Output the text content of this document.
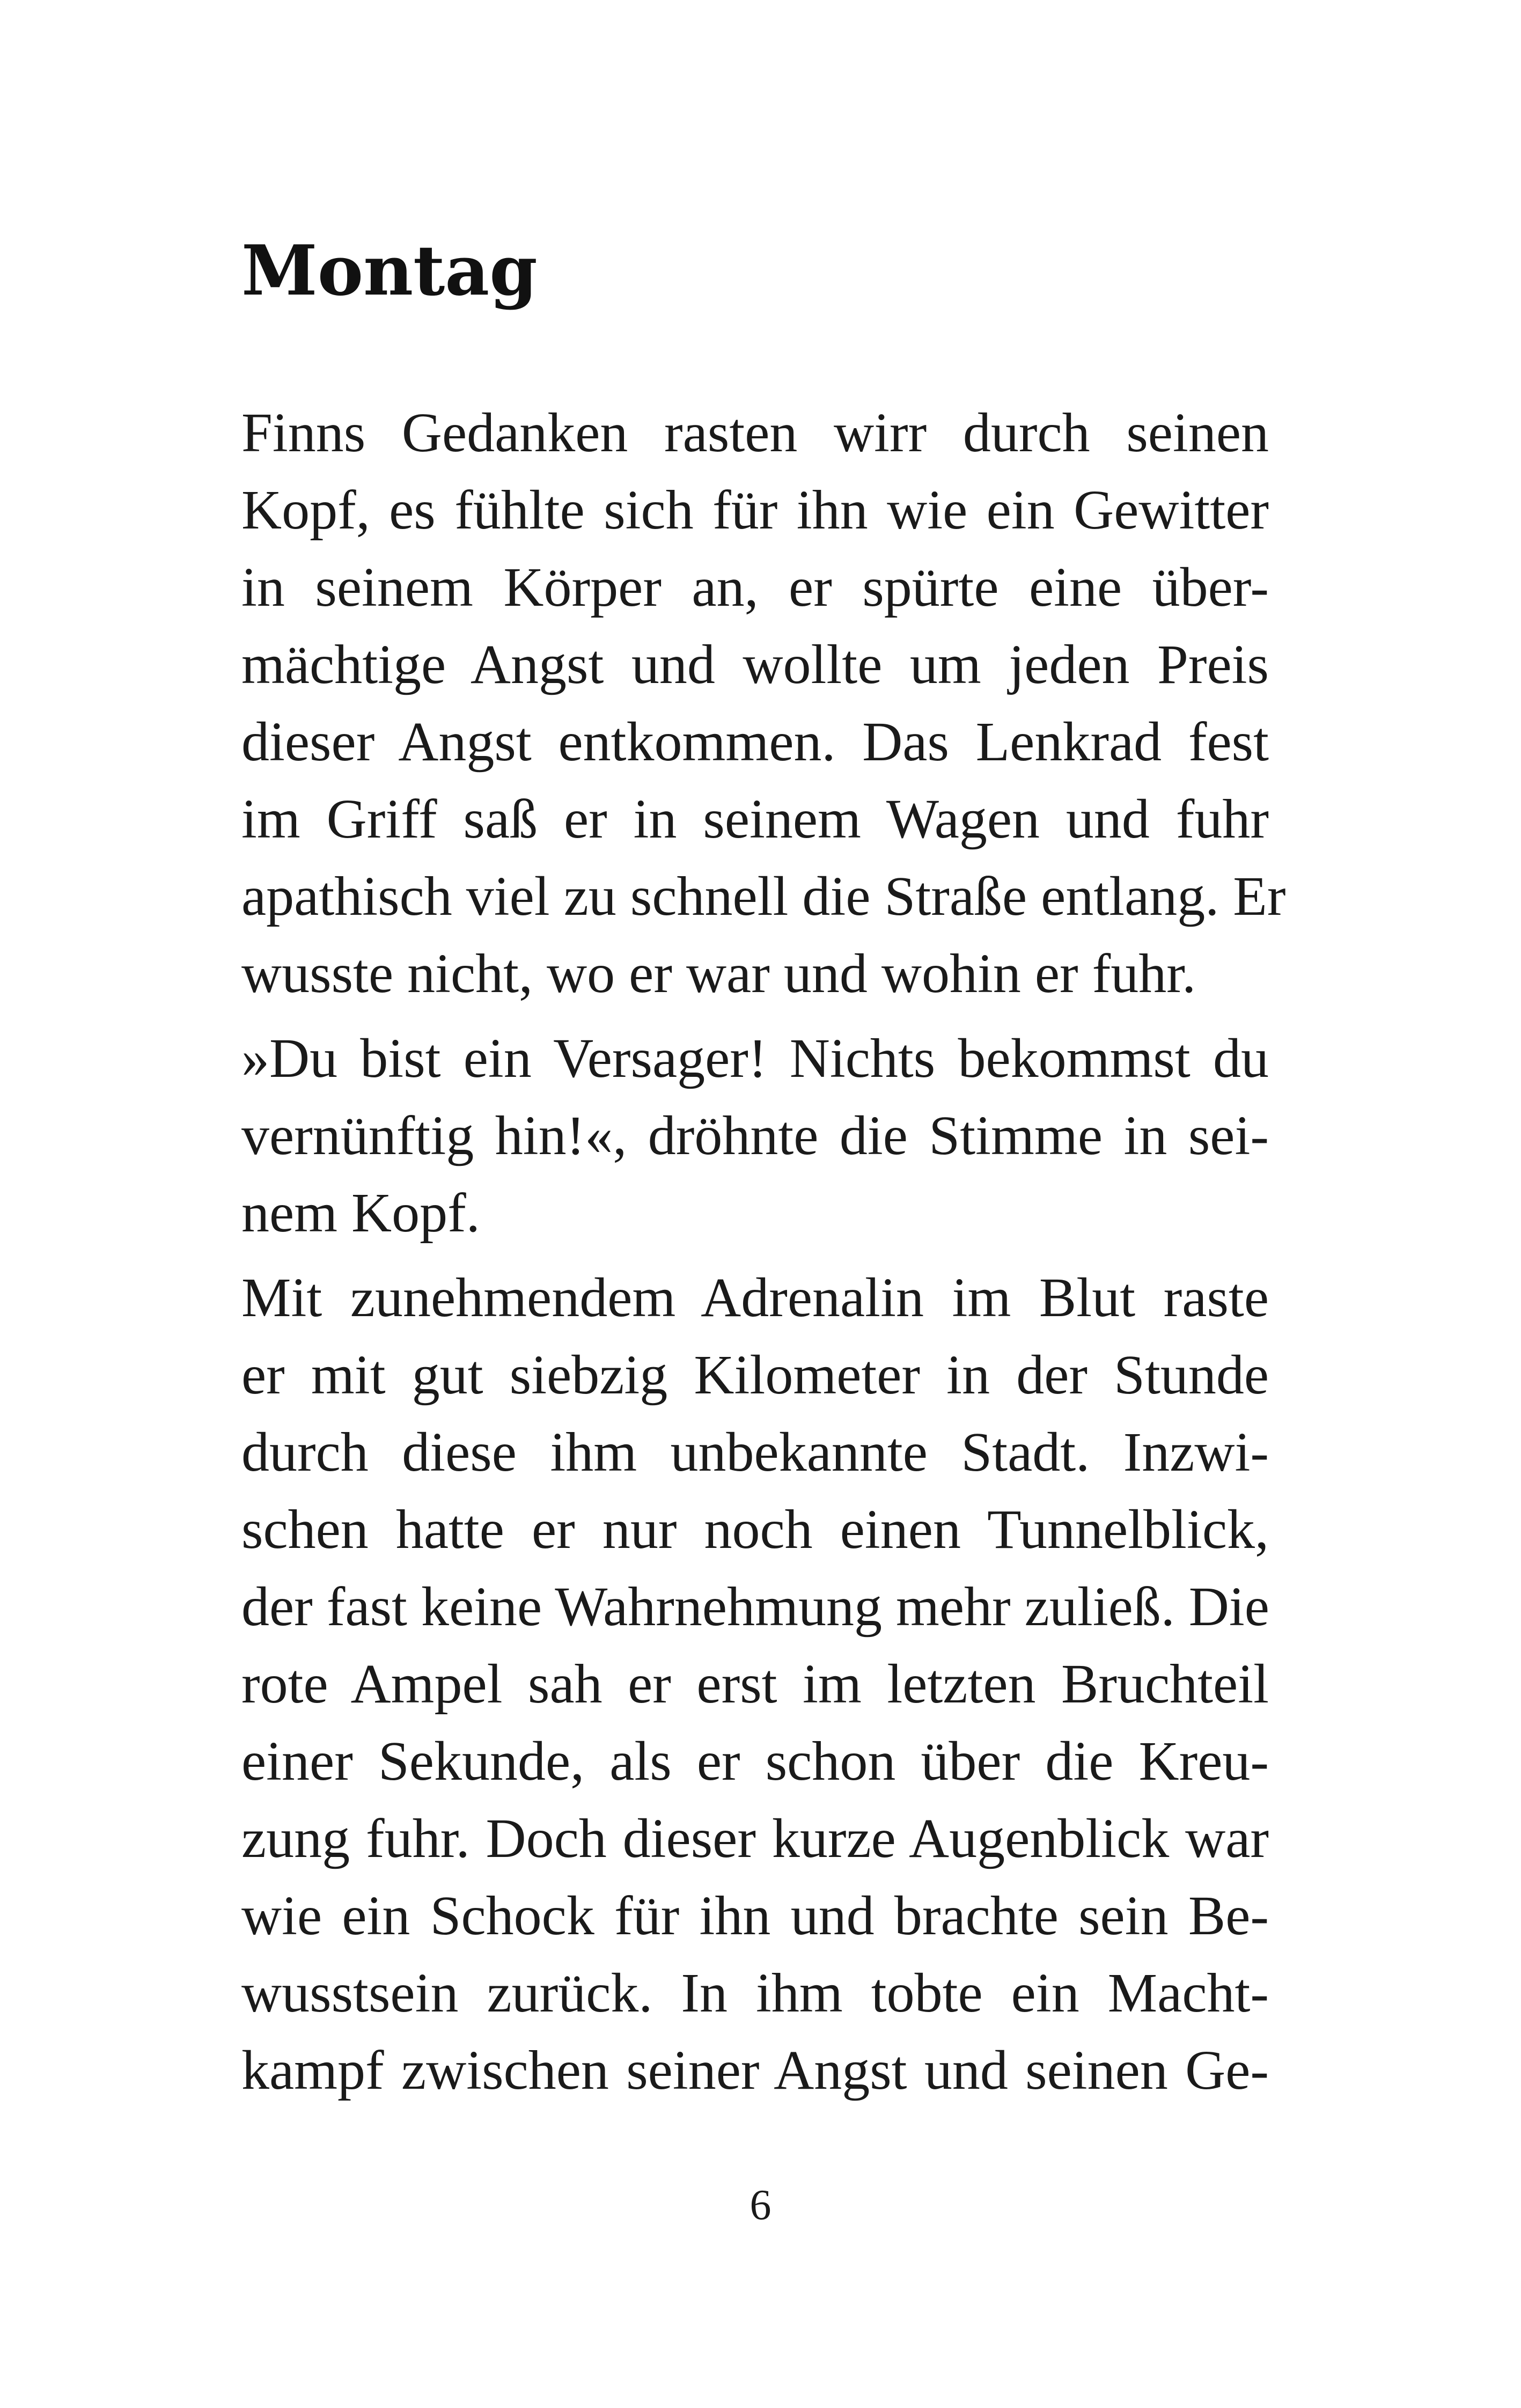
Montag
Finns Gedanken rasten wirr durch seinen
Kopf, es fühlte sich für ihn wie ein Gewitter
in seinem Körper an, er spürte eine über-
mächtige Angst und wollte um jeden Preis
dieser Angst entkommen. Das Lenkrad fest
im Griff saß er in seinem Wagen und fuhr
apathisch viel zu schnell die Straße entlang. Er
wusste nicht, wo er war und wohin er fuhr.
»Du bist ein Versager! Nichts bekommst du
vernünftig hin!«, dröhnte die Stimme in sei-
nem Kopf.
Mit zunehmendem Adrenalin im Blut raste
er mit gut siebzig Kilometer in der Stunde
durch diese ihm unbekannte Stadt. Inzwi-
schen hatte er nur noch einen Tunnelblick,
der fast keine Wahrnehmung mehr zuließ. Die
rote Ampel sah er erst im letzten Bruchteil
einer Sekunde, als er schon über die Kreu-
zung fuhr. Doch dieser kurze Augenblick war
wie ein Schock für ihn und brachte sein Be-
wusstsein zurück. In ihm tobte ein Macht-
kampf zwischen seiner Angst und seinen Ge-
6
